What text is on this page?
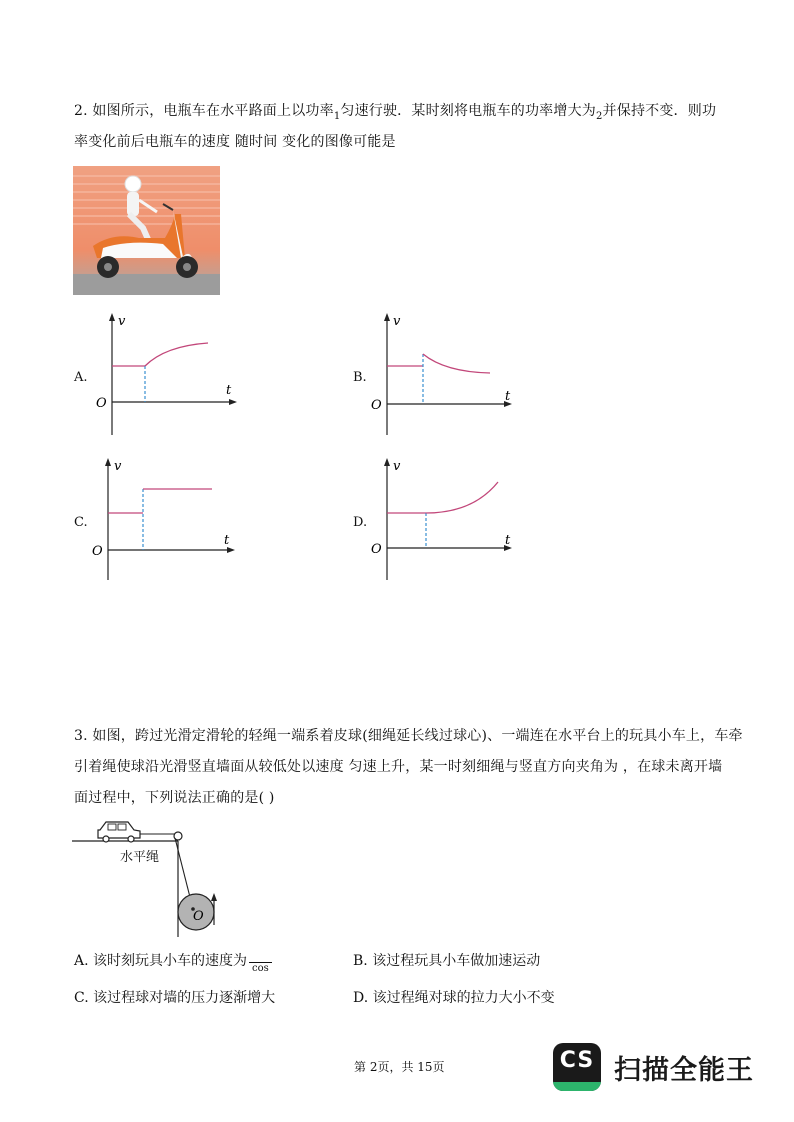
2. 如图所示，电瓶车在水平路面上以功率$_1$匀速行驶．某时刻将电瓶车的功率增大为$_2$并保持不变．则功
率变化前后电瓶车的速度 随时间 变化的图像可能是
A.
v
t
O
B.
v
t
O
C.
v
t
O
D.
v
t
O
3. 如图，跨过光滑定滑轮的轻绳一端系着皮球(细绳延长线过球心)、一端连在水平台上的玩具小车上，车牵
引着绳使球沿光滑竖直墙面从较低处以速度 匀速上升，某一时刻细绳与竖直方向夹角为 ，在球未离开墙
面过程中，下列说法正确的是( )
O
水平绳
A. 该时刻玩具小车的速度为 cos	B. 该过程玩具小车做加速运动
C. 该过程球对墙的压力逐渐增大	D. 该过程绳对球的拉力大小不变
第 2页，共 15页	CS 扫描全能王
